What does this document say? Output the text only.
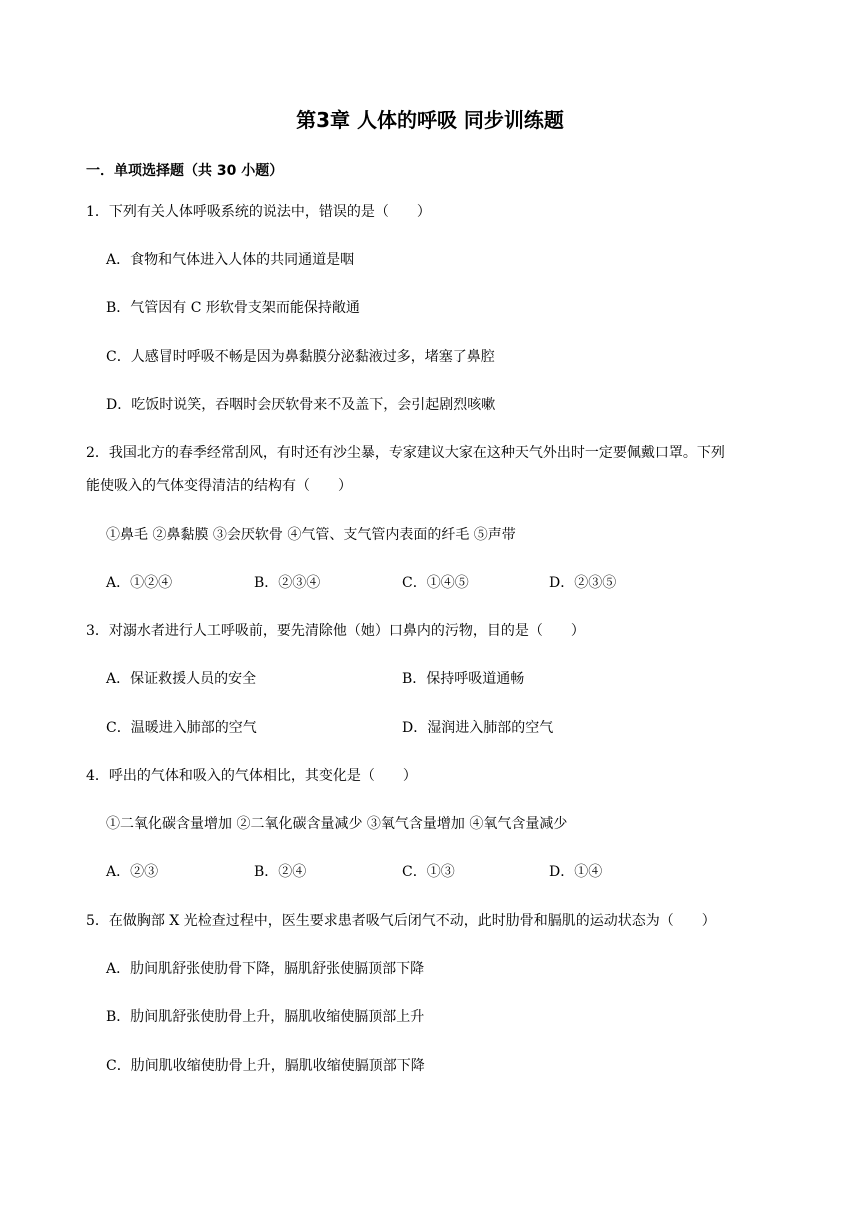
第3章 人体的呼吸 同步训练题
一．单项选择题（共 30 小题）
1．下列有关人体呼吸系统的说法中，错误的是（　　）
A．食物和气体进入人体的共同通道是咽
B．气管因有 C 形软骨支架而能保持敞通
C．人感冒时呼吸不畅是因为鼻黏膜分泌黏液过多，堵塞了鼻腔
D．吃饭时说笑，吞咽时会厌软骨来不及盖下，会引起剧烈咳嗽
2．我国北方的春季经常刮风，有时还有沙尘暴，专家建议大家在这种天气外出时一定要佩戴口罩。下列
能使吸入的气体变得清洁的结构有（　　）
①鼻毛 ②鼻黏膜 ③会厌软骨 ④气管、支气管内表面的纤毛 ⑤声带
A．①②④	B．②③④	C．①④⑤	D．②③⑤
3．对溺水者进行人工呼吸前，要先清除他（她）口鼻内的污物，目的是（　　）
A．保证救援人员的安全	B．保持呼吸道通畅
C．温暖进入肺部的空气	D．湿润进入肺部的空气
4．呼出的气体和吸入的气体相比，其变化是（　　）
①二氧化碳含量增加 ②二氧化碳含量减少 ③氧气含量增加 ④氧气含量减少
A．②③	B．②④	C．①③	D．①④
5．在做胸部 X 光检查过程中，医生要求患者吸气后闭气不动，此时肋骨和膈肌的运动状态为（　　）
A．肋间肌舒张使肋骨下降，膈肌舒张使膈顶部下降
B．肋间肌舒张使肋骨上升，膈肌收缩使膈顶部上升
C．肋间肌收缩使肋骨上升，膈肌收缩使膈顶部下降
